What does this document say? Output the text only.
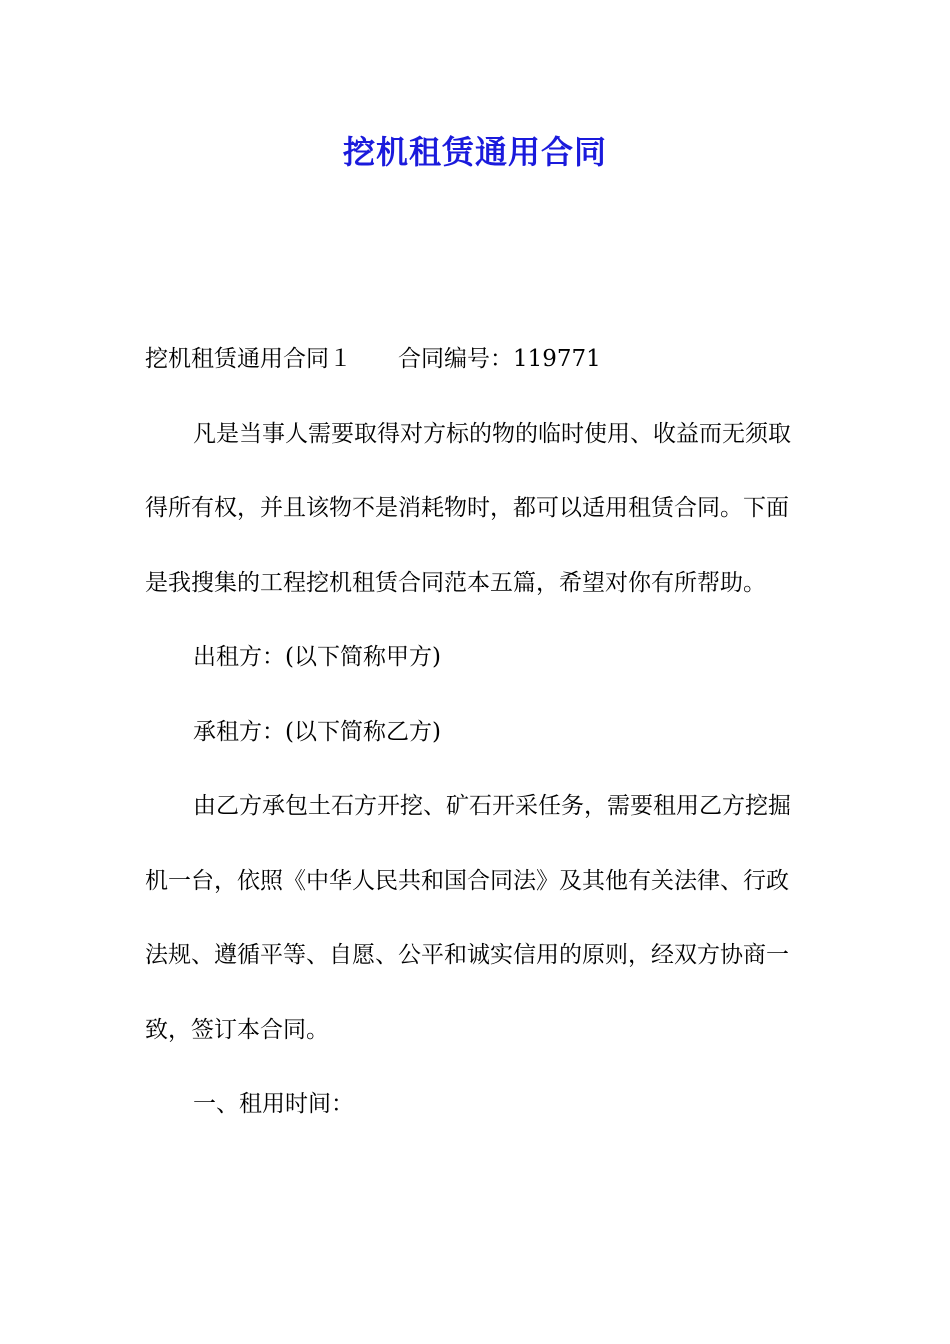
挖机租赁通用合同

挖机租赁通用合同１ 合同编号：119771

凡是当事人需要取得对方标的物的临时使用、收益而无须取得所有权，并且该物不是消耗物时，都可以适用租赁合同。下面是我搜集的工程挖机租赁合同范本五篇，希望对你有所帮助。

出租方：(以下简称甲方)

承租方：(以下简称乙方)

由乙方承包土石方开挖、矿石开采任务，需要租用乙方挖掘机一台，依照《中华人民共和国合同法》及其他有关法律、行政法规、遵循平等、自愿、公平和诚实信用的原则，经双方协商一致，签订本合同。

一、租用时间：
